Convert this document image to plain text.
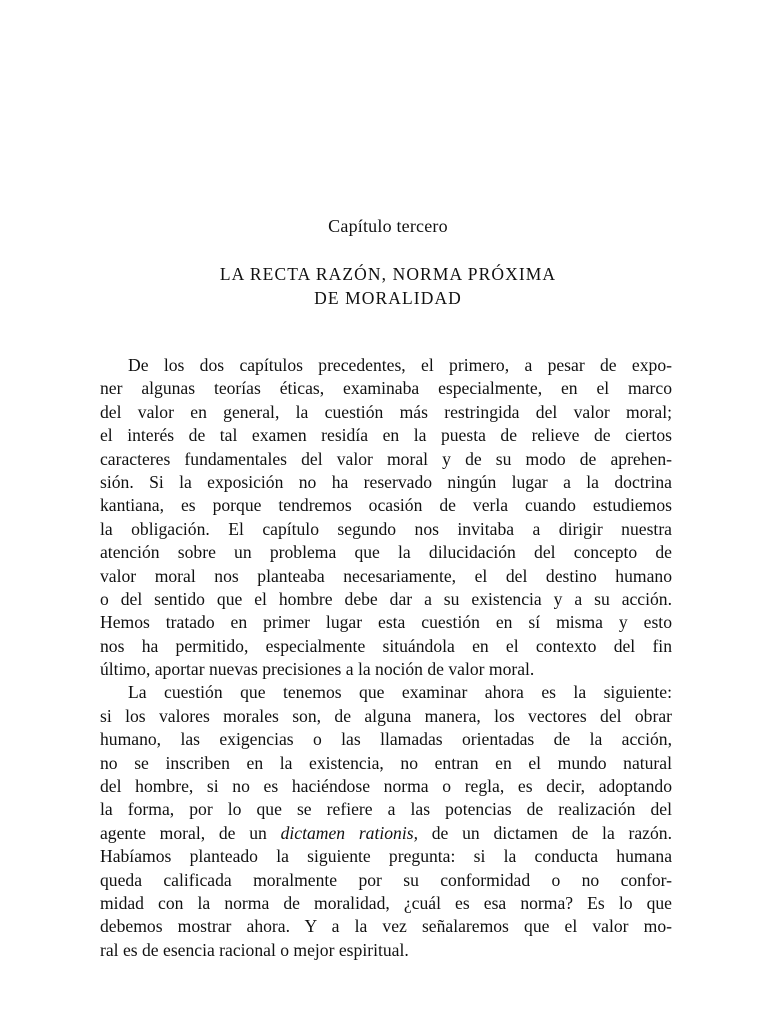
Capítulo tercero
LA RECTA RAZÓN, NORMA PRÓXIMA
DE MORALIDAD
De los dos capítulos precedentes, el primero, a pesar de expo-
ner algunas teorías éticas, examinaba especialmente, en el marco
del valor en general, la cuestión más restringida del valor moral;
el interés de tal examen residía en la puesta de relieve de ciertos
caracteres fundamentales del valor moral y de su modo de aprehen-
sión. Si la exposición no ha reservado ningún lugar a la doctrina
kantiana, es porque tendremos ocasión de verla cuando estudiemos
la obligación. El capítulo segundo nos invitaba a dirigir nuestra
atención sobre un problema que la dilucidación del concepto de
valor moral nos planteaba necesariamente, el del destino humano
o del sentido que el hombre debe dar a su existencia y a su acción.
Hemos tratado en primer lugar esta cuestión en sí misma y esto
nos ha permitido, especialmente situándola en el contexto del fin
último, aportar nuevas precisiones a la noción de valor moral.
La cuestión que tenemos que examinar ahora es la siguiente:
si los valores morales son, de alguna manera, los vectores del obrar
humano, las exigencias o las llamadas orientadas de la acción,
no se inscriben en la existencia, no entran en el mundo natural
del hombre, si no es haciéndose norma o regla, es decir, adoptando
la forma, por lo que se refiere a las potencias de realización del
agente moral, de un dictamen rationis, de un dictamen de la razón.
Habíamos planteado la siguiente pregunta: si la conducta humana
queda calificada moralmente por su conformidad o no confor-
midad con la norma de moralidad, ¿cuál es esa norma? Es lo que
debemos mostrar ahora. Y a la vez señalaremos que el valor mo-
ral es de esencia racional o mejor espiritual.
